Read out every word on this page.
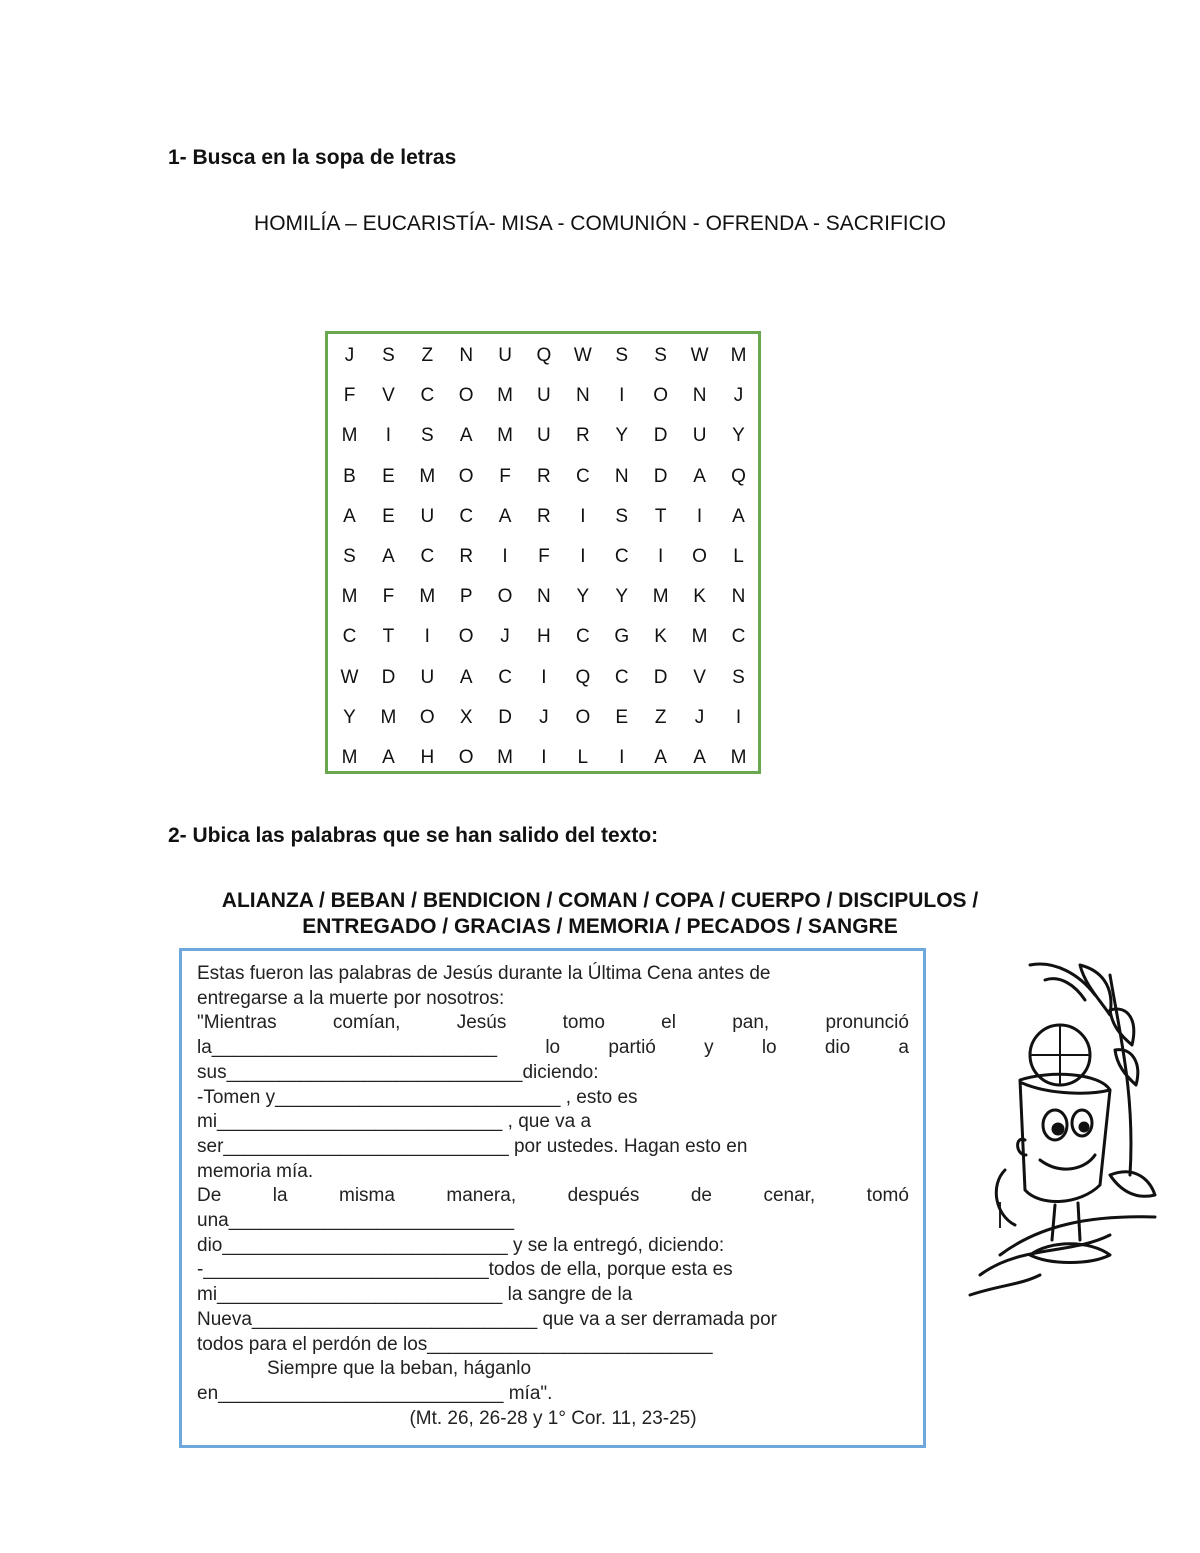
1- Busca en la sopa de letras
HOMILÍA – EUCARISTÍA- MISA - COMUNIÓN - OFRENDA - SACRIFICIO
J	S	Z	N	U	Q	W	S	S	W	M
F	V	C	O	M	U	N	I	O	N	J
M	I	S	A	M	U	R	Y	D	U	Y
B	E	M	O	F	R	C	N	D	A	Q
A	E	U	C	A	R	I	S	T	I	A
S	A	C	R	I	F	I	C	I	O	L
M	F	M	P	O	N	Y	Y	M	K	N
C	T	I	O	J	H	C	G	K	M	C
W	D	U	A	C	I	Q	C	D	V	S
Y	M	O	X	D	J	O	E	Z	J	I
M	A	H	O	M	I	L	I	A	A	M
2- Ubica las palabras que se han salido del texto:
ALIANZA / BEBAN / BENDICION / COMAN / COPA / CUERPO / DISCIPULOS /
ENTREGADO / GRACIAS / MEMORIA / PECADOS / SANGRE
Estas fueron las palabras de Jesús durante la Última Cena antes de
entregarse a la muerte por nosotros:
"Mientras	comían,	Jesús	tomo	el	pan,	pronunció
la___________________________	lo	partió	y	lo	dio	a
sus____________________________diciendo:
-Tomen y___________________________ , esto es
mi___________________________ , que va a
ser___________________________ por ustedes. Hagan esto en
memoria mía.
De	la	misma	manera,	después	de	cenar,	tomó
una___________________________
dio___________________________ y se la entregó, diciendo:
-___________________________todos de ella, porque esta es
mi___________________________ la sangre de la
Nueva___________________________ que va a ser derramada por
todos para el perdón de los___________________________
Siempre que la beban, háganlo
en___________________________ mía".
(Mt. 26, 26-28 y 1° Cor. 11, 23-25)
